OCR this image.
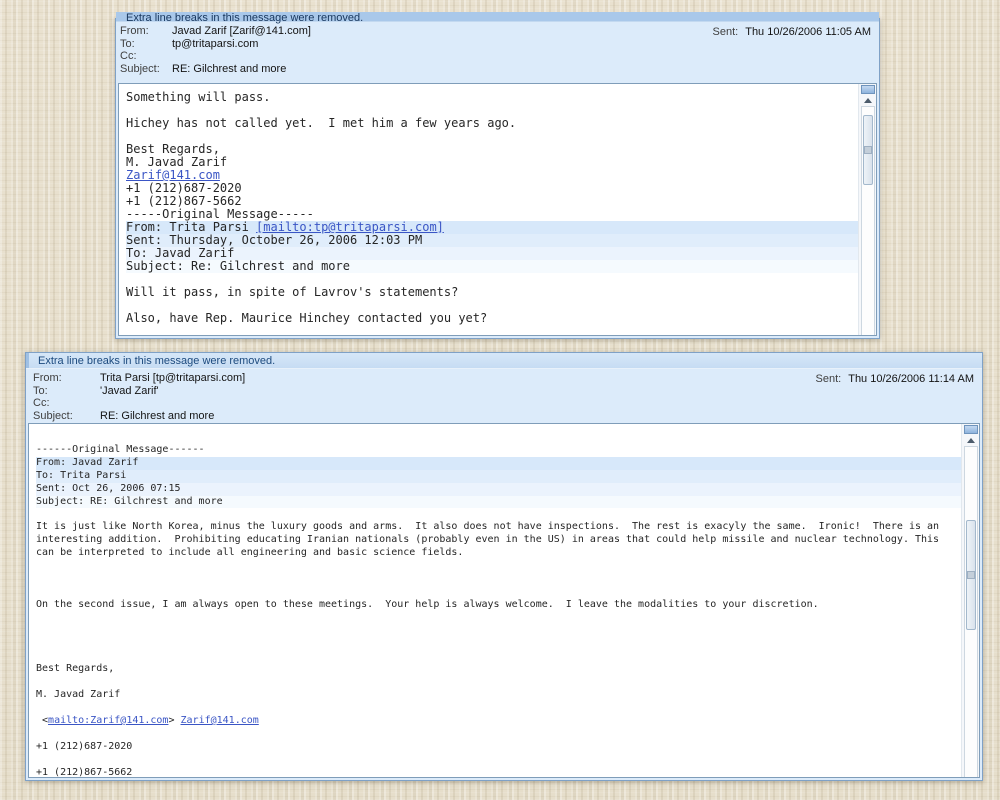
Extra line breaks in this message were removed.
From:	Javad Zarif [Zarif@141.com]
To:	tp@tritaparsi.com
Cc:
Subject:	RE: Gilchrest and more
Sent: Thu 10/26/2006 11:05 AM
Something will pass.

Hichey has not called yet.  I met him a few years ago.

Best Regards,
M. Javad Zarif
Zarif@141.com
+1 (212)687-2020
+1 (212)867-5662
-----Original Message-----
From: Trita Parsi [mailto:tp@tritaparsi.com]
Sent: Thursday, October 26, 2006 12:03 PM
To: Javad Zarif
Subject: Re: Gilchrest and more

Will it pass, in spite of Lavrov's statements?

Also, have Rep. Maurice Hinchey contacted you yet?
Extra line breaks in this message were removed.
From:	Trita Parsi [tp@tritaparsi.com]
To:	'Javad Zarif'
Cc:
Subject:	RE: Gilchrest and more
Sent: Thu 10/26/2006 11:14 AM

------Original Message------
From: Javad Zarif
To: Trita Parsi
Sent: Oct 26, 2006 07:15
Subject: RE: Gilchrest and more

It is just like North Korea, minus the luxury goods and arms.  It also does not have inspections.  The rest is exacyly the same.  Ironic!  There is an
interesting addition.  Prohibiting educating Iranian nationals (probably even in the US) in areas that could help missile and nuclear technology. This
can be interpreted to include all engineering and basic science fields.

On the second issue, I am always open to these meetings.  Your help is always welcome.  I leave the modalities to your discretion.

Best Regards,

M. Javad Zarif

<mailto:Zarif@141.com> Zarif@141.com

+1 (212)687-2020

+1 (212)867-5662
